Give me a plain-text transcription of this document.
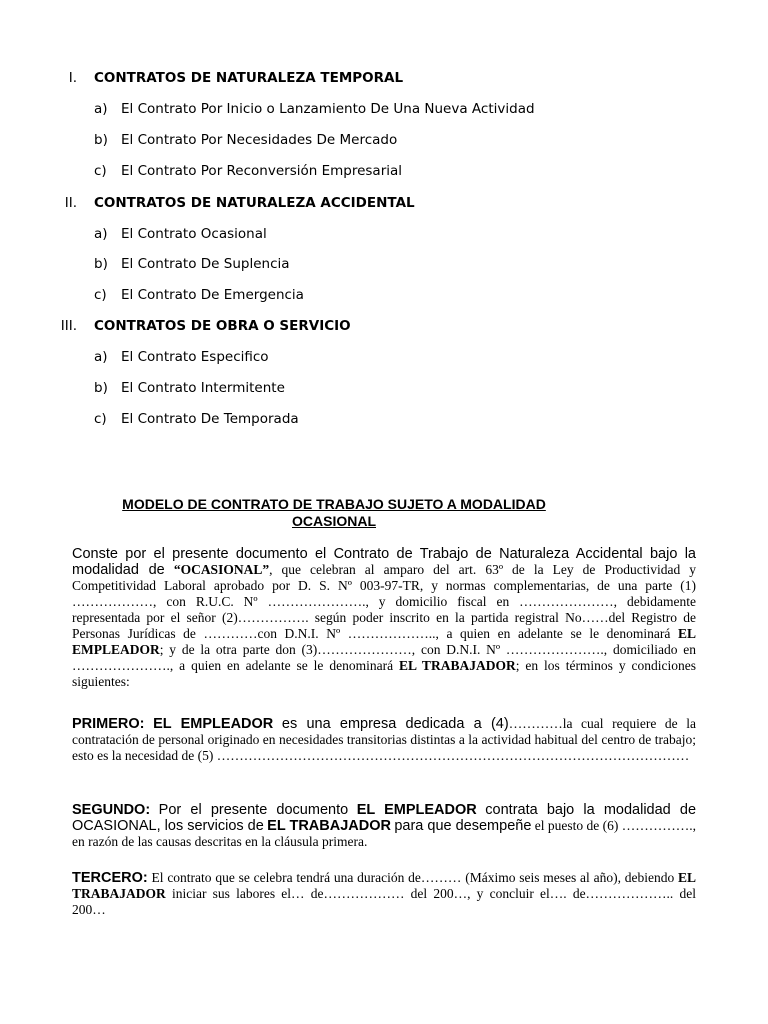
I. CONTRATOS DE NATURALEZA TEMPORAL
a) El Contrato Por Inicio o Lanzamiento De Una Nueva Actividad
b) El Contrato Por Necesidades De Mercado
c) El Contrato Por Reconversión Empresarial
II. CONTRATOS DE NATURALEZA ACCIDENTAL
a) El Contrato Ocasional
b) El Contrato De Suplencia
c) El Contrato De Emergencia
III. CONTRATOS DE OBRA O SERVICIO
a) El Contrato Especifico
b) El Contrato Intermitente
c) El Contrato De Temporada
MODELO DE CONTRATO DE TRABAJO SUJETO A MODALIDAD
OCASIONAL
Conste por el presente documento el Contrato de Trabajo de Naturaleza Accidental bajo la modalidad de “OCASIONAL”, que celebran al amparo del art. 63º de la Ley de Productividad y Competitividad Laboral aprobado por D. S. Nº 003-97-TR, y normas complementarias, de una parte (1) ………………, con R.U.C. Nº …………………., y domicilio fiscal en …………………, debidamente representada por el señor (2)……………. según poder inscrito en la partida registral No……del Registro de Personas Jurídicas de …………con D.N.I. Nº ……………….., a quien en adelante se le denominará EL EMPLEADOR; y de la otra parte don (3)…………………, con D.N.I. Nº …………………., domiciliado en …………………., a quien en adelante se le denominará EL TRABAJADOR; en los términos y condiciones siguientes:
PRIMERO: EL EMPLEADOR es una empresa dedicada a (4)…………la cual requiere de la contratación de personal originado en necesidades transitorias distintas a la actividad habitual del centro de trabajo; esto es la necesidad de (5) ……………………………………………………………………………………………
SEGUNDO: Por el presente documento EL EMPLEADOR contrata bajo la modalidad de OCASIONAL, los servicios de EL TRABAJADOR para que desempeñe el puesto de (6) ……………., en razón de las causas descritas en la cláusula primera.
TERCERO: El contrato que se celebra tendrá una duración de……… (Máximo seis meses al año), debiendo EL TRABAJADOR iniciar sus labores el… de……………… del 200…, y concluir el…. de……………….. del 200…
